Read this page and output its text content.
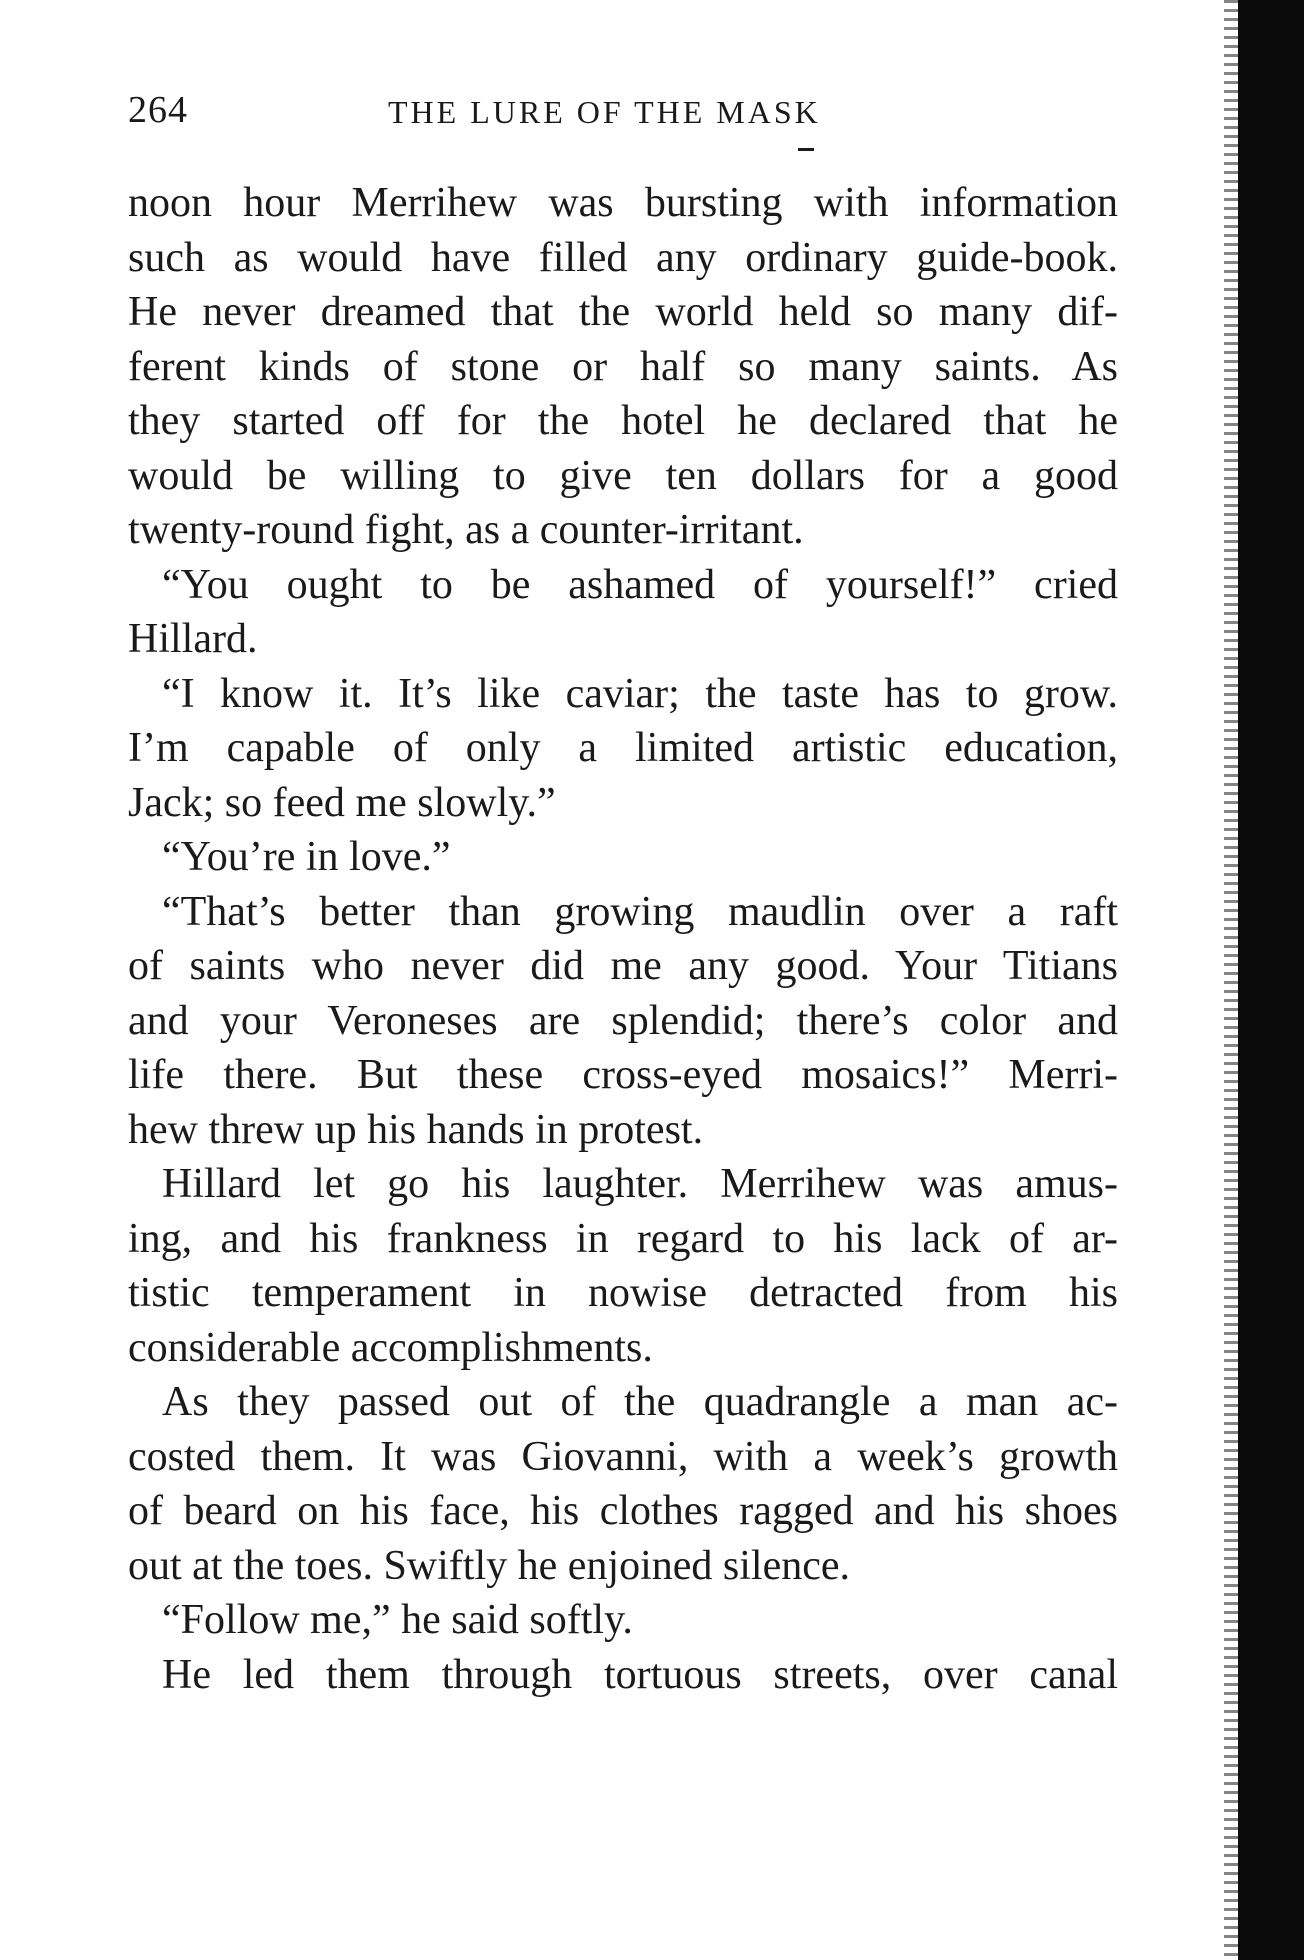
264	THE LURE OF THE MASK
noon hour Merrihew was bursting with information
such as would have filled any ordinary guide-book.
He never dreamed that the world held so many dif-
ferent kinds of stone or half so many saints. As
they started off for the hotel he declared that he
would be willing to give ten dollars for a good
twenty-round fight, as a counter-irritant.
“You ought to be ashamed of yourself!” cried
Hillard.
“I know it. It’s like caviar; the taste has to grow.
I’m capable of only a limited artistic education,
Jack; so feed me slowly.”
“You’re in love.”
“That’s better than growing maudlin over a raft
of saints who never did me any good. Your Titians
and your Veroneses are splendid; there’s color and
life there. But these cross-eyed mosaics!” Merri-
hew threw up his hands in protest.
Hillard let go his laughter. Merrihew was amus-
ing, and his frankness in regard to his lack of ar-
tistic temperament in nowise detracted from his
considerable accomplishments.
As they passed out of the quadrangle a man ac-
costed them. It was Giovanni, with a week’s growth
of beard on his face, his clothes ragged and his shoes
out at the toes. Swiftly he enjoined silence.
“Follow me,” he said softly.
He led them through tortuous streets, over canal
